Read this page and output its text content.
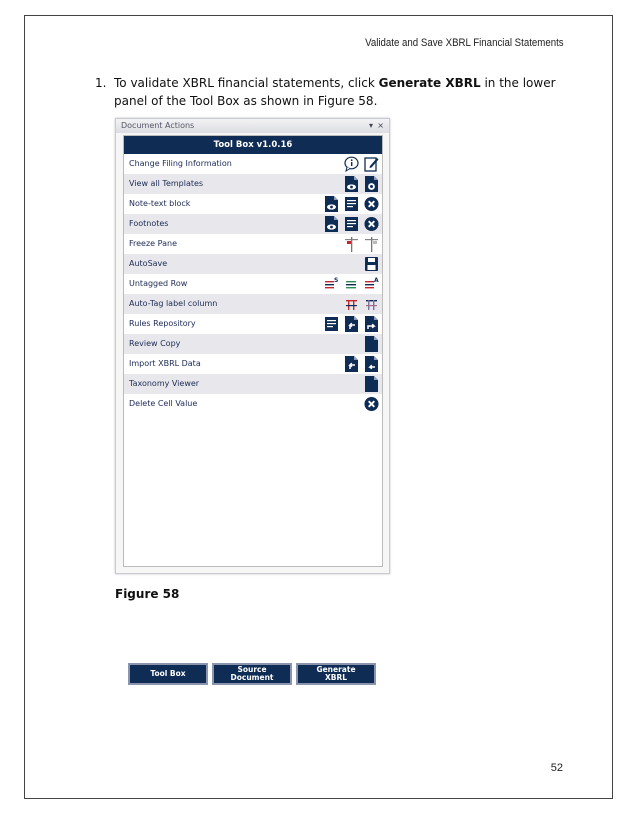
Validate and Save XBRL Financial Statements
1. To validate XBRL financial statements, click Generate XBRL in the lower panel of the Tool Box as shown in Figure 58.
Document Actions	▾ ×
Tool Box v1.0.16
Change Filing Information
View all Templates
Note-text block
Footnotes
Freeze Pane
AutoSave
Untagged Row	S	A
Auto-Tag label column
Rules Repository
Review Copy
Import XBRL Data
Taxonomy Viewer
Delete Cell Value
Tool Box	Source
Document
Generate
XBRL
Figure 58
52
